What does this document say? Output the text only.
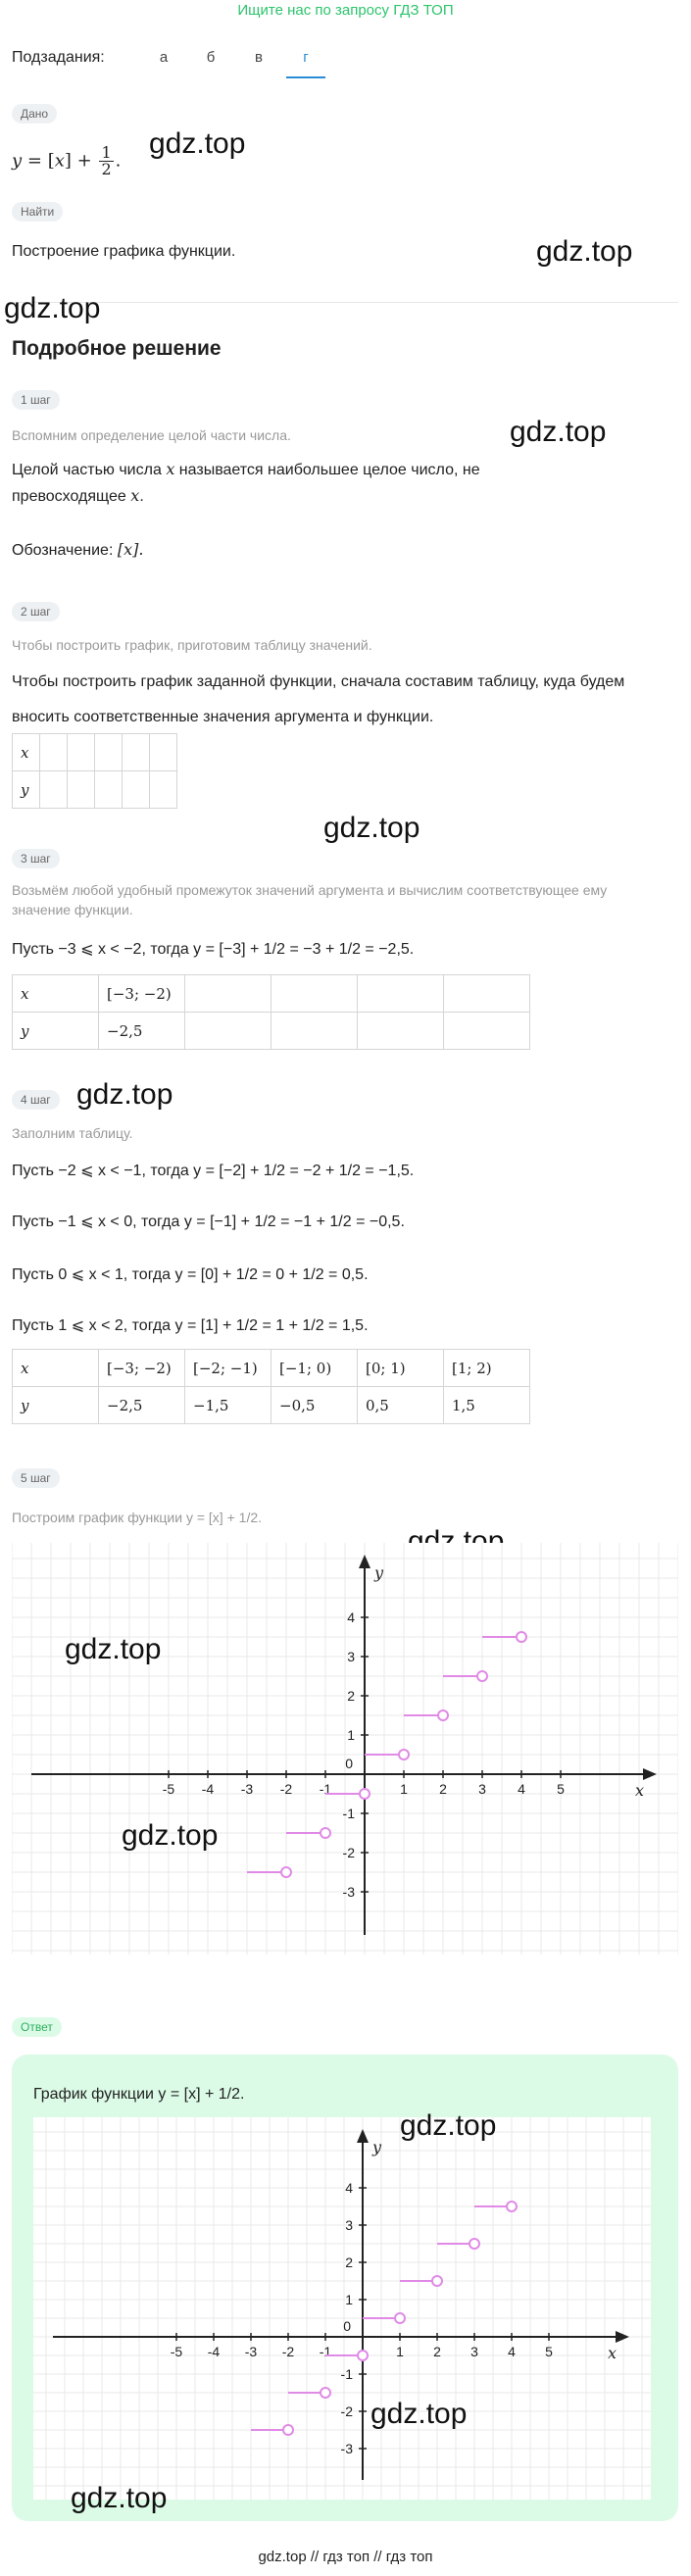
Ищите нас по запросу ГДЗ ТОП
Подзадания:	а	б	в	г
Дано
$y = [x] + \frac{1}{2}$ .
gdz.top
Найти
Построение графика функции.	gdz.top
gdz.top
Подробное решение
1 шаг
Вспомним определение целой части числа.	gdz.top
Целой частью числа x называется наибольшее целое число, не
превосходящее x.
Обозначение: [x].
2 шаг
Чтобы построить график, приготовим таблицу значений.
Чтобы построить график заданной функции, сначала составим таблицу, куда будем вносить соответственные значения аргумента и функции.
x					
y					
gdz.top
3 шаг
Возьмём любой удобный промежуток значений аргумента и вычислим соответствующее ему значение функции.
Пусть −3 ⩽ x < −2, тогда y = [−3] + 1/2 = −3 + 1/2 = −2,5.
x	[−3; −2)				
y	−2,5				
4 шаг gdz.top
Заполним таблицу.
Пусть −2 ⩽ x < −1, тогда y = [−2] + 1/2 = −2 + 1/2 = −1,5.
Пусть −1 ⩽ x < 0, тогда y = [−1] + 1/2 = −1 + 1/2 = −0,5.
Пусть 0 ⩽ x < 1, тогда y = [0] + 1/2 = 0 + 1/2 = 0,5.
Пусть 1 ⩽ x < 2, тогда y = [1] + 1/2 = 1 + 1/2 = 1,5.
x	[−3; −2)	[−2; −1)	[−1; 0)	[0; 1)	[1; 2)
y	−2,5	−1,5	−0,5	0,5	1,5
5 шаг
Построим график функции y = [x] + 1/2.
gdz.top
x
y
-5 -4 -3 -2 -1	1 2 3 4 5
4
3
2
1
-1
-2
-3
0
gdz.top
gdz.top
Ответ
График функции y = [x] + 1/2.
x
y
-5 -4 -3 -2 -1	1 2 3 4 5
4
3
2
1
-1
-2
-3
0
gdz.top
gdz.top
gdz.top
gdz.top // гдз топ // гдз топ
